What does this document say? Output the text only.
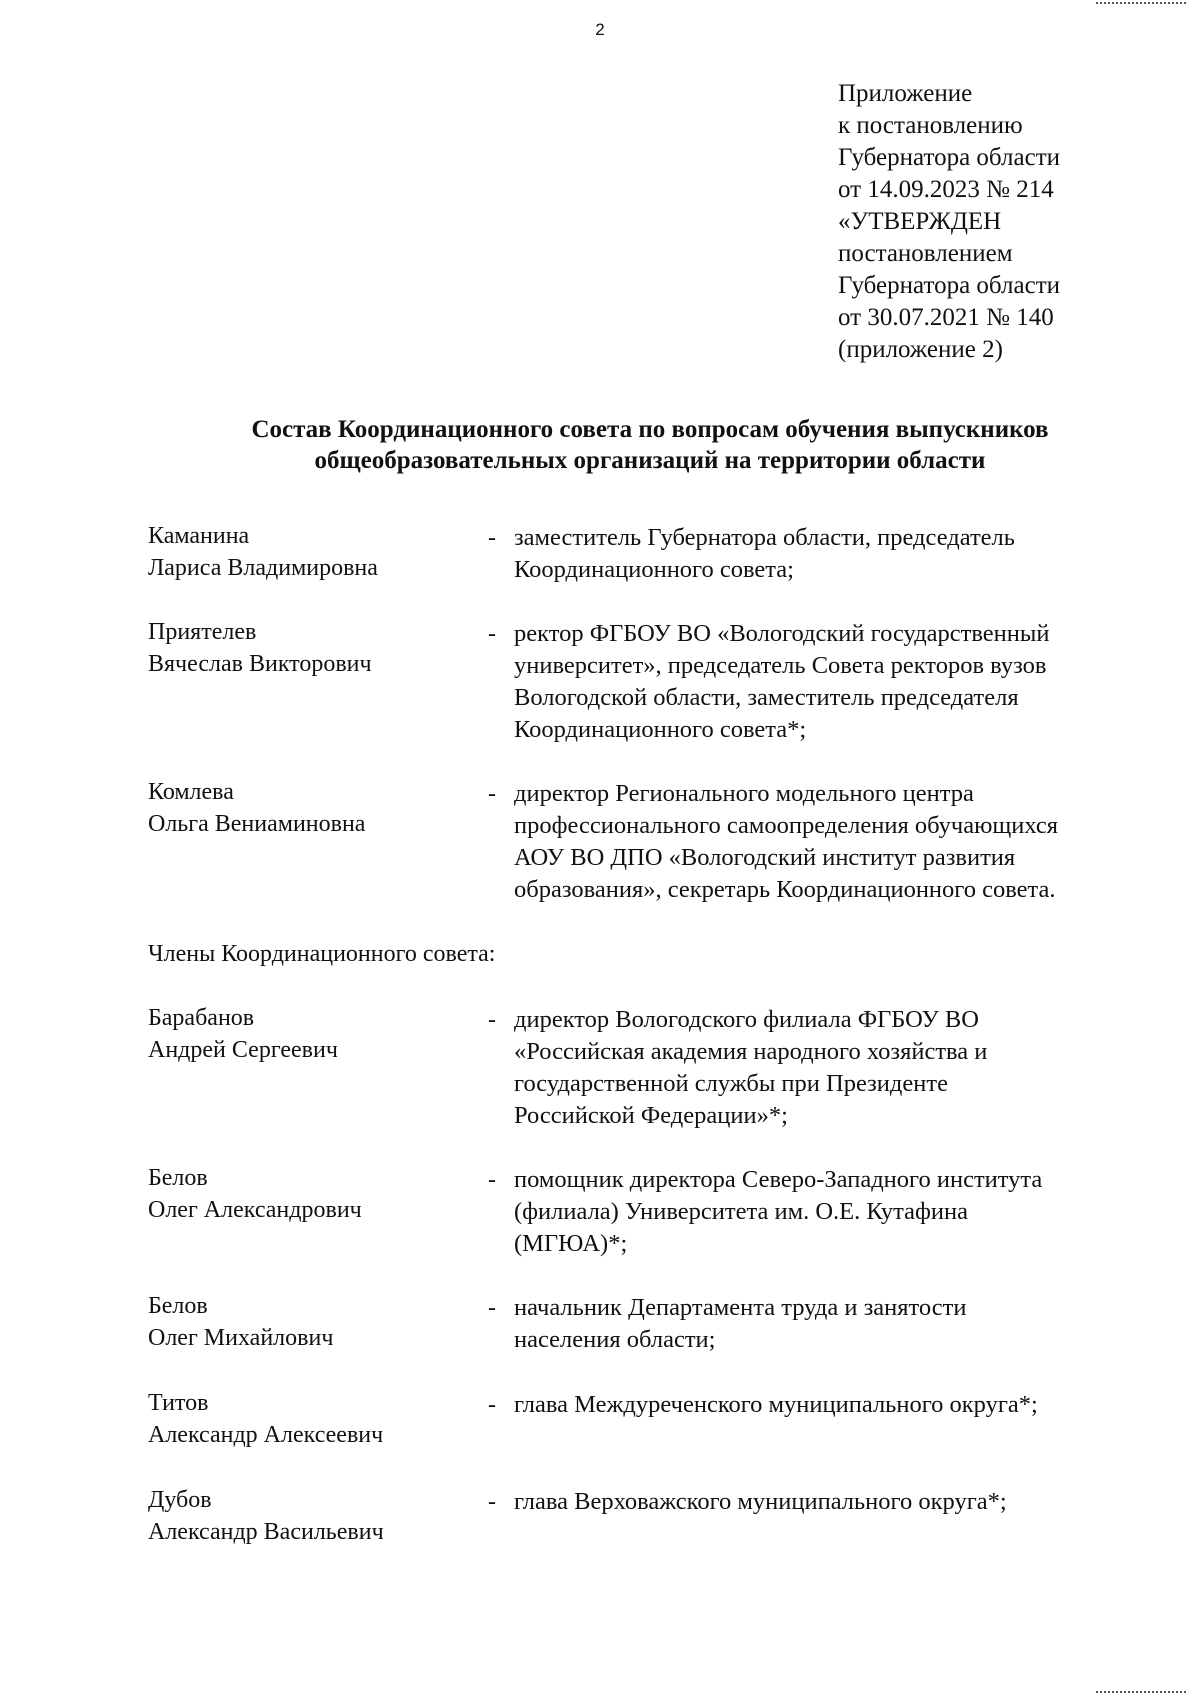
2
Приложение
к постановлению
Губернатора области
от 14.09.2023 № 214
«УТВЕРЖДЕН
постановлением
Губернатора области
от 30.07.2021 № 140
(приложение 2)
Состав Координационного совета по вопросам обучения выпускников
общеобразовательных организаций на территории области
Каманина
Лариса Владимировна
- заместитель Губернатора области, председатель
Координационного совета;
Приятелев
Вячеслав Викторович
- ректор ФГБОУ ВО «Вологодский государственный
университет», председатель Совета ректоров вузов
Вологодской области, заместитель председателя
Координационного совета*;
Комлева
Ольга Вениаминовна
- директор Регионального модельного центра
профессионального самоопределения обучающихся
АОУ ВО ДПО «Вологодский институт развития
образования», секретарь Координационного совета.
Члены Координационного совета:
Барабанов
Андрей Сергеевич
- директор Вологодского филиала ФГБОУ ВО
«Российская академия народного хозяйства и
государственной службы при Президенте
Российской Федерации»*;
Белов
Олег Александрович
- помощник директора Северо-Западного института
(филиала) Университета им. О.Е. Кутафина
(МГЮА)*;
Белов
Олег Михайлович
- начальник Департамента труда и занятости
населения области;
Титов
Александр Алексеевич
- глава Междуреченского муниципального округа*;
Дубов
Александр Васильевич
- глава Верховажского муниципального округа*;
